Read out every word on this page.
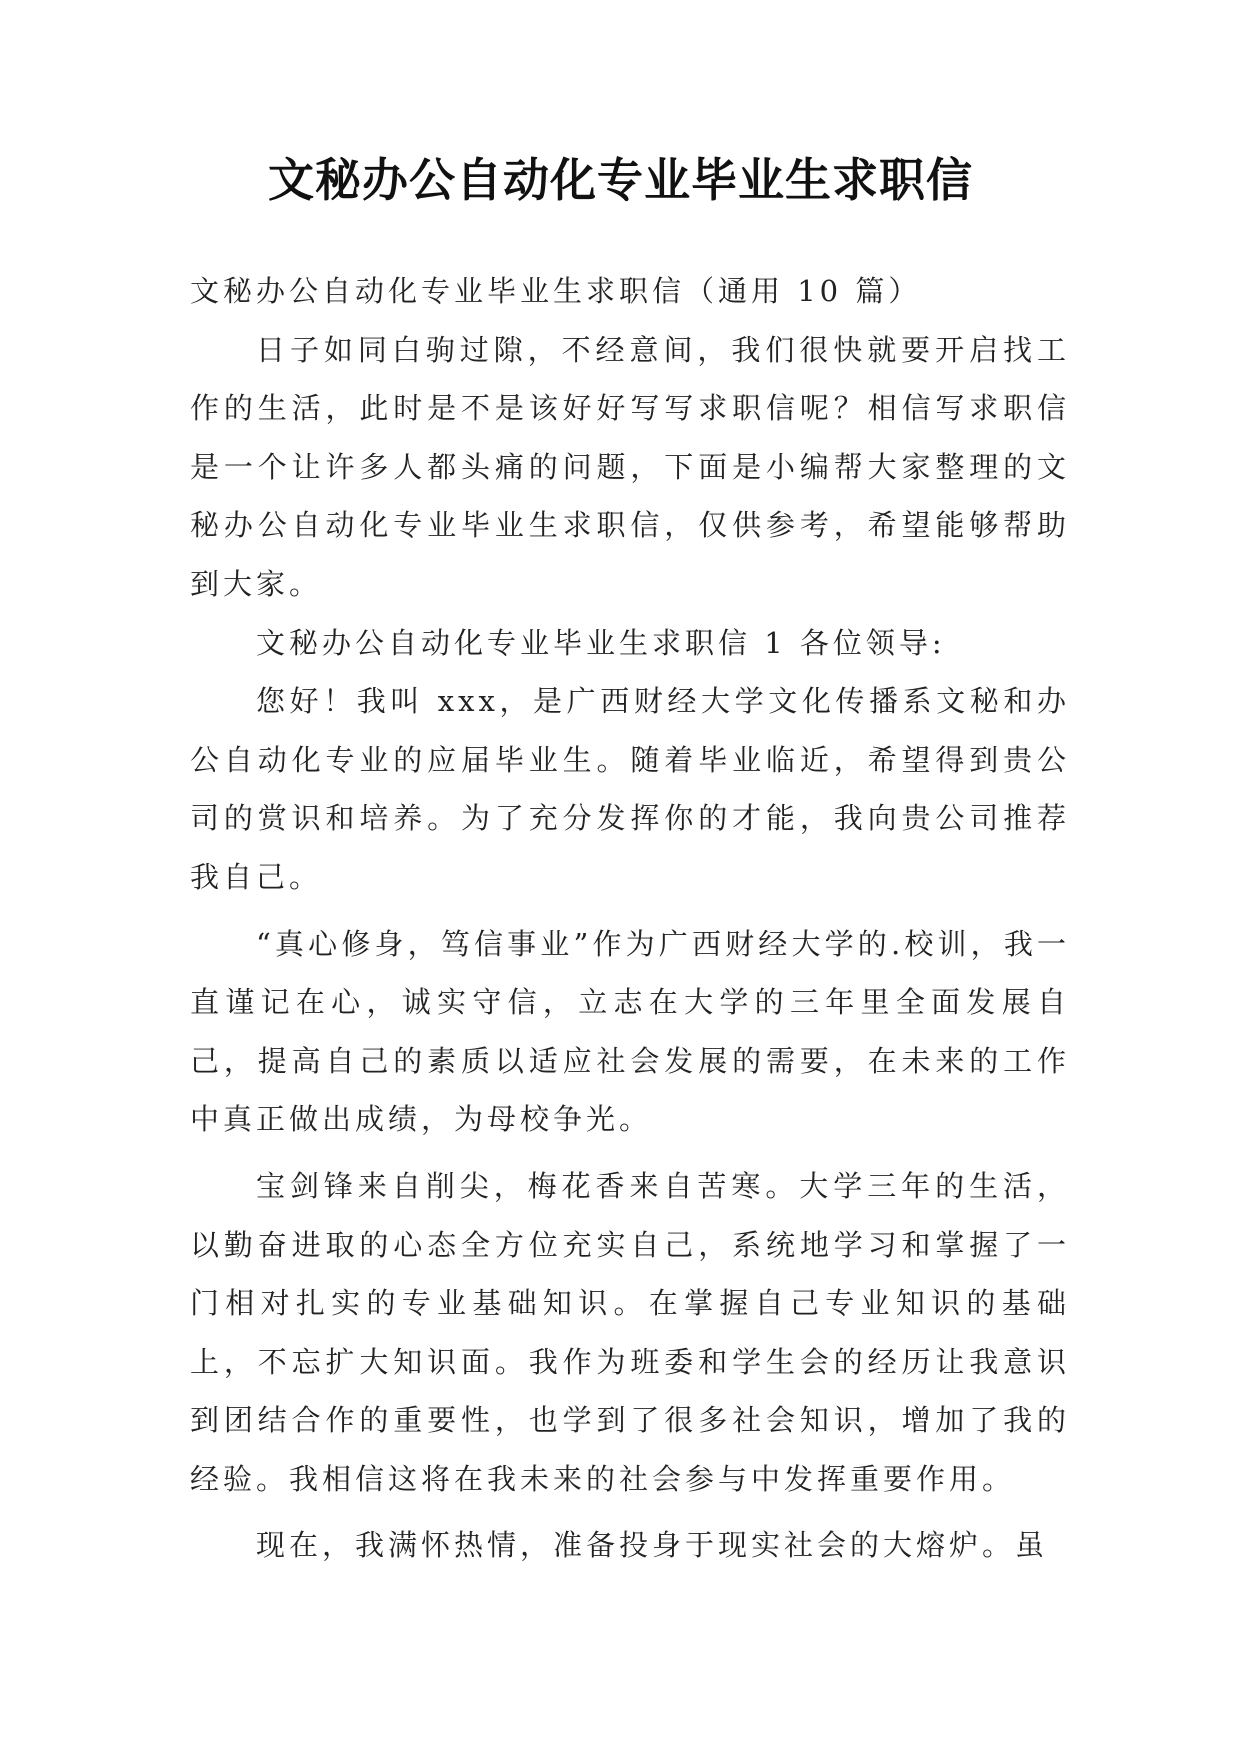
文秘办公自动化专业毕业生求职信

文秘办公自动化专业毕业生求职信（通用 10 篇）

日子如同白驹过隙，不经意间，我们很快就要开启找工作的生活，此时是不是该好好写写求职信呢？相信写求职信是一个让许多人都头痛的问题，下面是小编帮大家整理的文秘办公自动化专业毕业生求职信，仅供参考，希望能够帮助到大家。

文秘办公自动化专业毕业生求职信 1 各位领导:

您好！我叫 xxx，是广西财经大学文化传播系文秘和办公自动化专业的应届毕业生。随着毕业临近，希望得到贵公司的赏识和培养。为了充分发挥你的才能，我向贵公司推荐我自己。

“真心修身，笃信事业”作为广西财经大学的.校训，我一直谨记在心，诚实守信，立志在大学的三年里全面发展自己，提高自己的素质以适应社会发展的需要，在未来的工作中真正做出成绩，为母校争光。

宝剑锋来自削尖，梅花香来自苦寒。大学三年的生活，以勤奋进取的心态全方位充实自己，系统地学习和掌握了一门相对扎实的专业基础知识。在掌握自己专业知识的基础上，不忘扩大知识面。我作为班委和学生会的经历让我意识到团结合作的重要性，也学到了很多社会知识，增加了我的经验。我相信这将在我未来的社会参与中发挥重要作用。

现在，我满怀热情，准备投身于现实社会的大熔炉。虽
